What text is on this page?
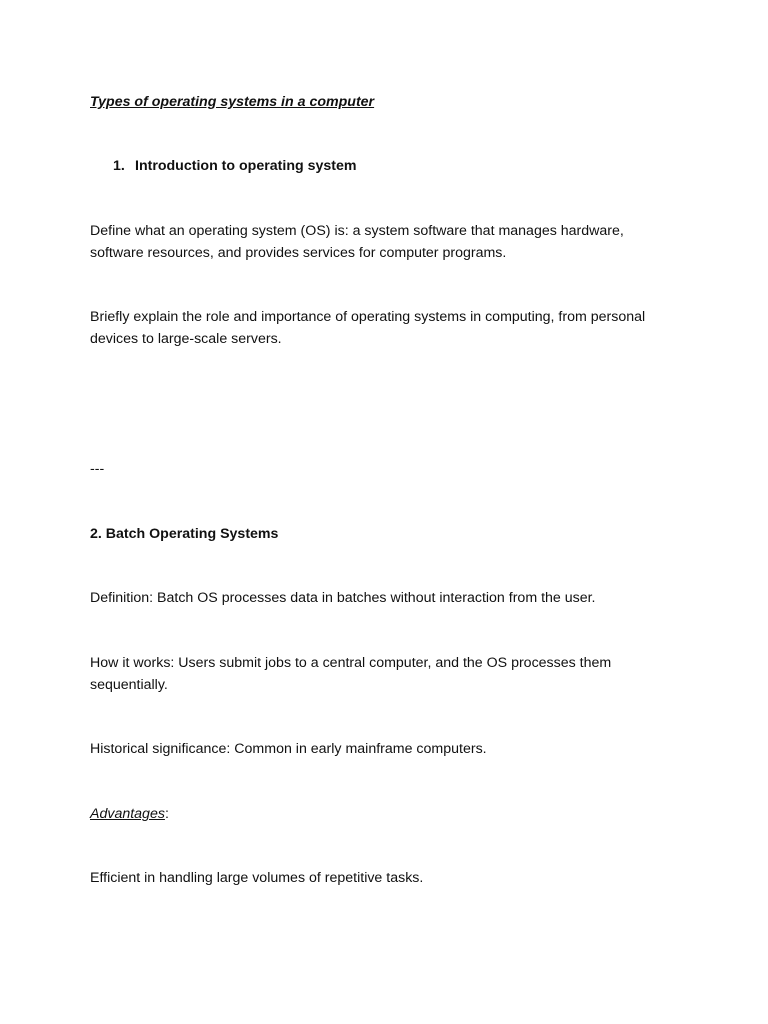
Types of operating systems in a computer

1. Introduction to operating system

Define what an operating system (OS) is: a system software that manages hardware, software resources, and provides services for computer programs.

Briefly explain the role and importance of operating systems in computing, from personal devices to large-scale servers.

---

2. Batch Operating Systems

Definition: Batch OS processes data in batches without interaction from the user.

How it works: Users submit jobs to a central computer, and the OS processes them sequentially.

Historical significance: Common in early mainframe computers.

Advantages:

Efficient in handling large volumes of repetitive tasks.
